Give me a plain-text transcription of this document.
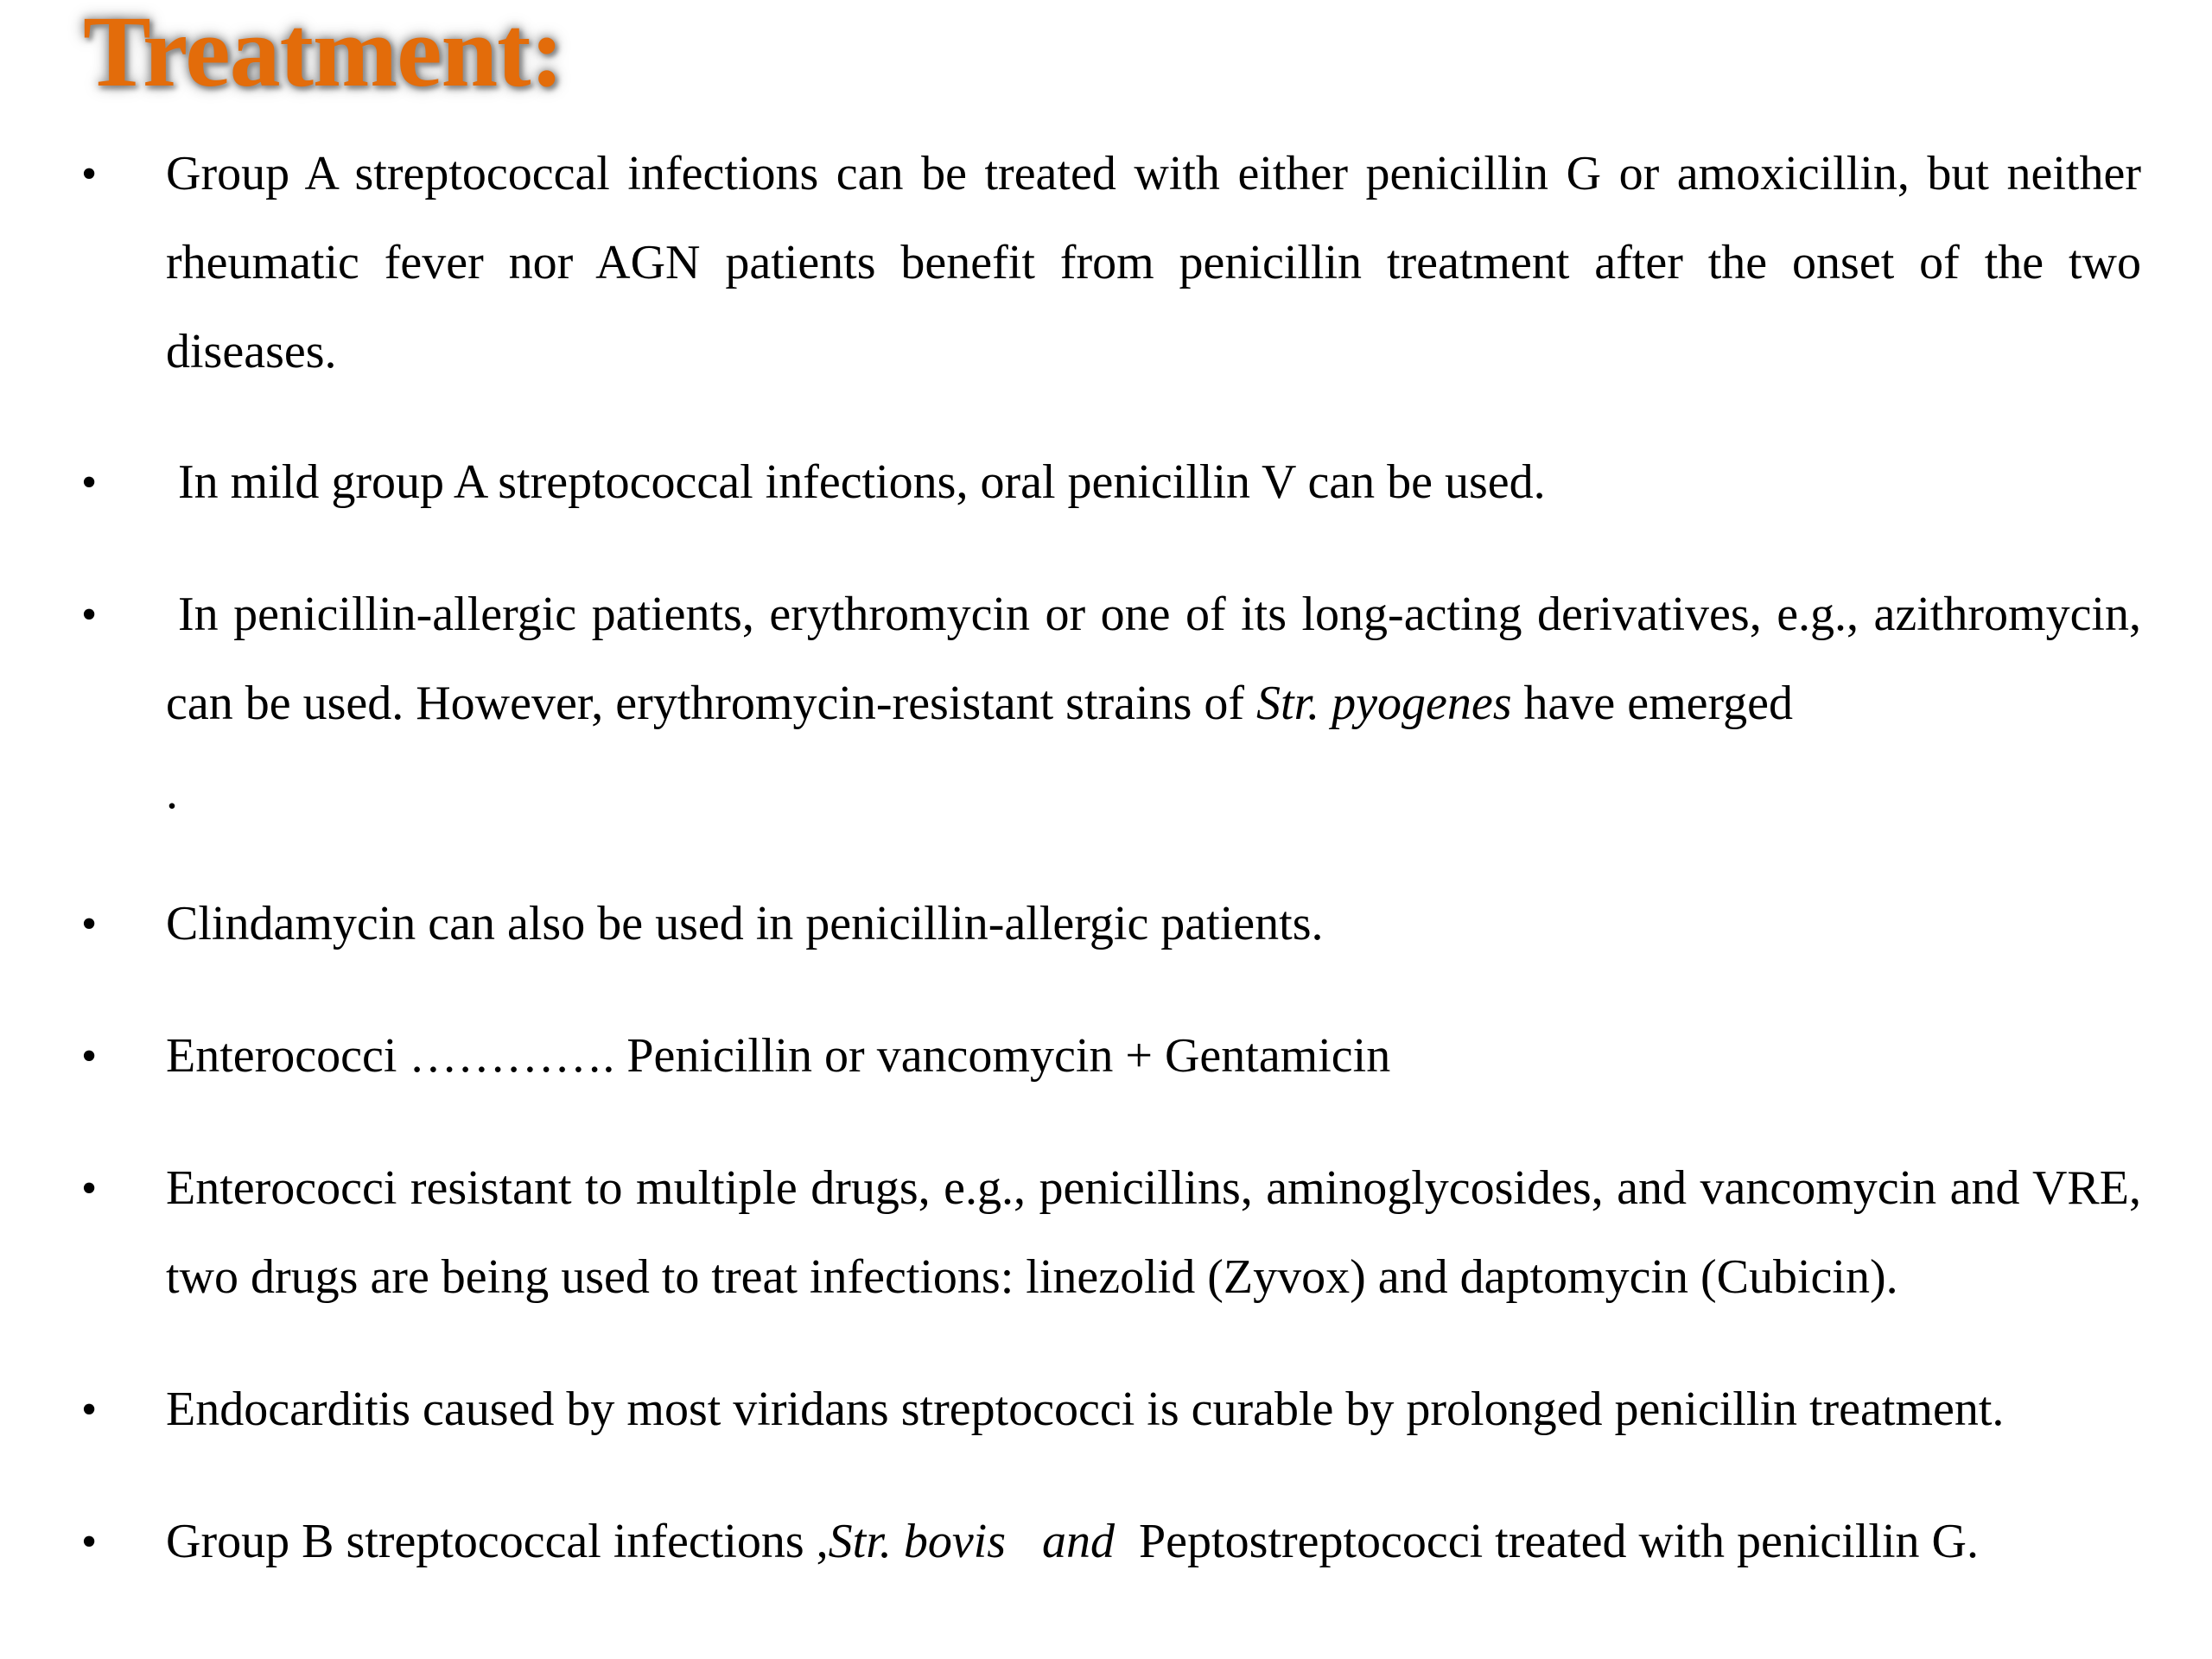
Treatment:
• Group A streptococcal infections can be treated with either penicillin G or amoxicillin, but neither rheumatic fever nor AGN patients benefit from penicillin treatment after the onset of the two diseases.
• In mild group A streptococcal infections, oral penicillin V can be used.
• In penicillin-allergic patients, erythromycin or one of its long-acting derivatives, e.g., azithromycin, can be used. However, erythromycin-resistant strains of Str. pyogenes have emerged
.
• Clindamycin can also be used in penicillin-allergic patients.
• Enterococci …………. Penicillin or vancomycin + Gentamicin
• Enterococci resistant to multiple drugs, e.g., penicillins, aminoglycosides, and vancomycin and VRE, two drugs are being used to treat infections: linezolid (Zyvox) and daptomycin (Cubicin).
• Endocarditis caused by most viridans streptococci is curable by prolonged penicillin treatment.
• Group B streptococcal infections ,Str. bovis and Peptostreptococci treated with penicillin G.
